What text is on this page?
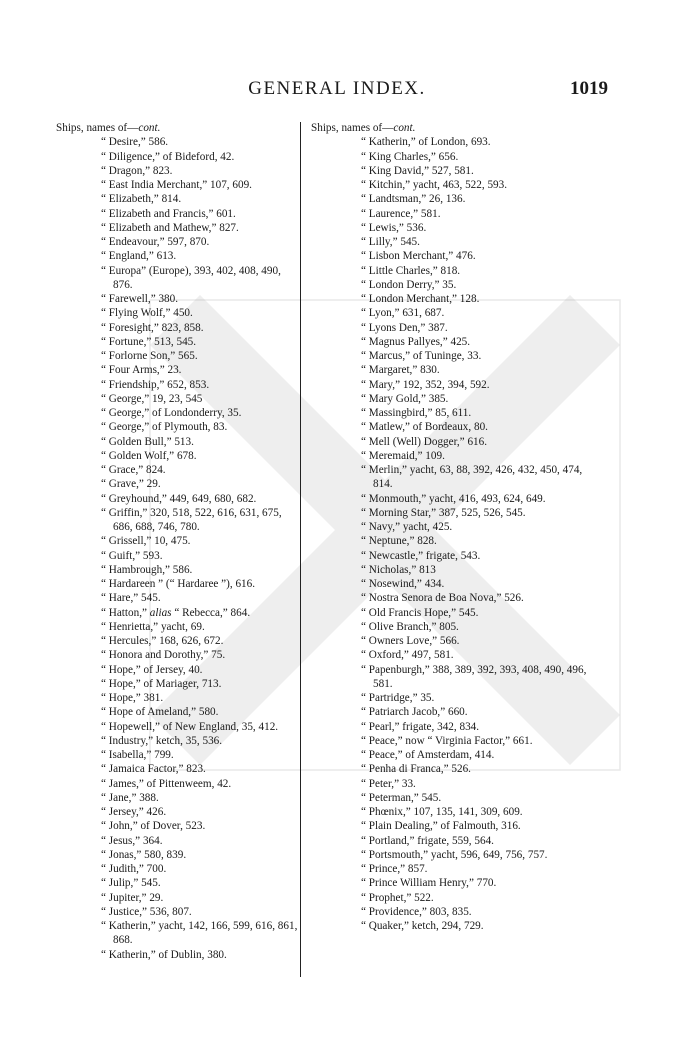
GENERAL INDEX.	1019
Ships, names of—cont.
“ Desire,” 586.
“ Diligence,” of Bideford, 42.
“ Dragon,” 823.
“ East India Merchant,” 107, 609.
“ Elizabeth,” 814.
“ Elizabeth and Francis,” 601.
“ Elizabeth and Mathew,” 827.
“ Endeavour,” 597, 870.
“ England,” 613.
“ Europa” (Europe), 393, 402, 408, 490, 876.
“ Farewell,” 380.
“ Flying Wolf,” 450.
“ Foresight,” 823, 858.
“ Fortune,” 513, 545.
“ Forlorne Son,” 565.
“ Four Arms,” 23.
“ Friendship,” 652, 853.
“ George,” 19, 23, 545
“ George,” of Londonderry, 35.
“ George,” of Plymouth, 83.
“ Golden Bull,” 513.
“ Golden Wolf,” 678.
“ Grace,” 824.
“ Grave,” 29.
“ Greyhound,” 449, 649, 680, 682.
“ Griffin,” 320, 518, 522, 616, 631, 675, 686, 688, 746, 780.
“ Grissell,” 10, 475.
“ Guift,” 593.
“ Hambrough,” 586.
“ Hardareen ” (“ Hardaree ”), 616.
“ Hare,” 545.
“ Hatton,” alias “ Rebecca,” 864.
“ Henrietta,” yacht, 69.
“ Hercules,” 168, 626, 672.
“ Honora and Dorothy,” 75.
“ Hope,” of Jersey, 40.
“ Hope,” of Mariager, 713.
“ Hope,” 381.
“ Hope of Ameland,” 580.
“ Hopewell,” of New England, 35, 412.
“ Industry,” ketch, 35, 536.
“ Isabella,” 799.
“ Jamaica Factor,” 823.
“ James,” of Pittenweem, 42.
“ Jane,” 388.
“ Jersey,” 426.
“ John,” of Dover, 523.
“ Jesus,” 364.
“ Jonas,” 580, 839.
“ Judith,” 700.
“ Julip,” 545.
“ Jupiter,” 29.
“ Justice,” 536, 807.
“ Katherin,” yacht, 142, 166, 599, 616, 861, 868.
“ Katherin,” of Dublin, 380.
Ships, names of—cont.
“ Katherin,” of London, 693.
“ King Charles,” 656.
“ King David,” 527, 581.
“ Kitchin,” yacht, 463, 522, 593.
“ Landtsman,” 26, 136.
“ Laurence,” 581.
“ Lewis,” 536.
“ Lilly,” 545.
“ Lisbon Merchant,” 476.
“ Little Charles,” 818.
“ London Derry,” 35.
“ London Merchant,” 128.
“ Lyon,” 631, 687.
“ Lyons Den,” 387.
“ Magnus Pallyes,” 425.
“ Marcus,” of Tuninge, 33.
“ Margaret,” 830.
“ Mary,” 192, 352, 394, 592.
“ Mary Gold,” 385.
“ Massingbird,” 85, 611.
“ Matlew,” of Bordeaux, 80.
“ Mell (Well) Dogger,” 616.
“ Meremaid,” 109.
“ Merlin,” yacht, 63, 88, 392, 426, 432, 450, 474, 814.
“ Monmouth,” yacht, 416, 493, 624, 649.
“ Morning Star,” 387, 525, 526, 545.
“ Navy,” yacht, 425.
“ Neptune,” 828.
“ Newcastle,” frigate, 543.
“ Nicholas,” 813
“ Nosewind,” 434.
“ Nostra Senora de Boa Nova,” 526.
“ Old Francis Hope,” 545.
“ Olive Branch,” 805.
“ Owners Love,” 566.
“ Oxford,” 497, 581.
“ Papenburgh,” 388, 389, 392, 393, 408, 490, 496, 581.
“ Partridge,” 35.
“ Patriarch Jacob,” 660.
“ Pearl,” frigate, 342, 834.
“ Peace,” now “ Virginia Factor,” 661.
“ Peace,” of Amsterdam, 414.
“ Penha di Franca,” 526.
“ Peter,” 33.
“ Peterman,” 545.
“ Phœnix,” 107, 135, 141, 309, 609.
“ Plain Dealing,” of Falmouth, 316.
“ Portland,” frigate, 559, 564.
“ Portsmouth,” yacht, 596, 649, 756, 757.
“ Prince,” 857.
“ Prince William Henry,” 770.
“ Prophet,” 522.
“ Providence,” 803, 835.
“ Quaker,” ketch, 294, 729.
